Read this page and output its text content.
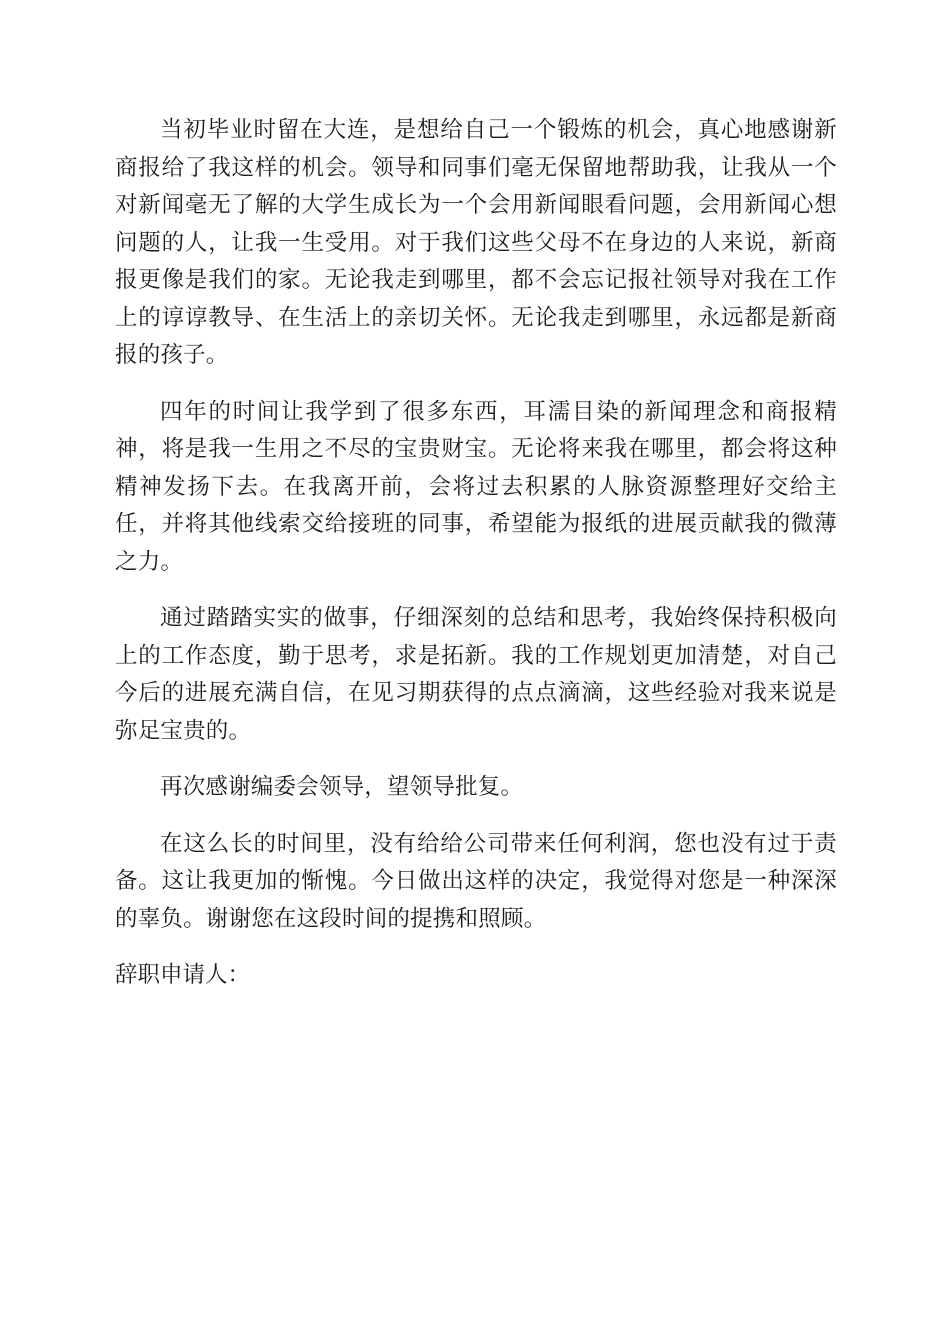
当初毕业时留在大连，是想给自己一个锻炼的机会，真心地感谢新商报给了我这样的机会。领导和同事们毫无保留地帮助我，让我从一个对新闻毫无了解的大学生成长为一个会用新闻眼看问题，会用新闻心想问题的人，让我一生受用。对于我们这些父母不在身边的人来说，新商报更像是我们的家。无论我走到哪里，都不会忘记报社领导对我在工作上的谆谆教导、在生活上的亲切关怀。无论我走到哪里，永远都是新商报的孩子。

四年的时间让我学到了很多东西，耳濡目染的新闻理念和商报精神，将是我一生用之不尽的宝贵财宝。无论将来我在哪里，都会将这种精神发扬下去。在我离开前，会将过去积累的人脉资源整理好交给主任，并将其他线索交给接班的同事，希望能为报纸的进展贡献我的微薄之力。

通过踏踏实实的做事，仔细深刻的总结和思考，我始终保持积极向上的工作态度，勤于思考，求是拓新。我的工作规划更加清楚，对自己今后的进展充满自信，在见习期获得的点点滴滴，这些经验对我来说是弥足宝贵的。

再次感谢编委会领导，望领导批复。

在这么长的时间里，没有给给公司带来任何利润，您也没有过于责备。这让我更加的惭愧。今日做出这样的决定，我觉得对您是一种深深的辜负。谢谢您在这段时间的提携和照顾。

辞职申请人：
